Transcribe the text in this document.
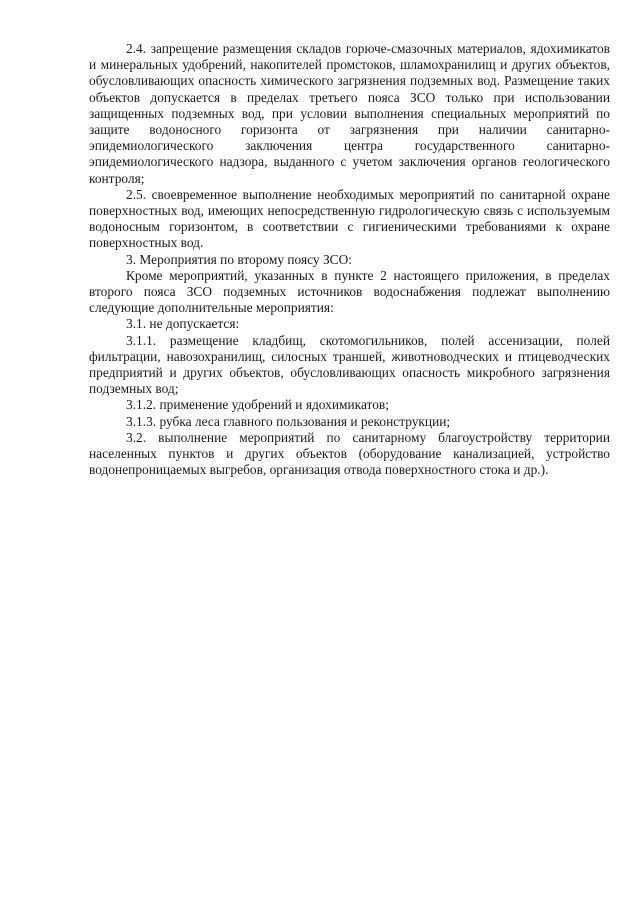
2.4. запрещение размещения складов горюче-смазочных материалов, ядохимикатов и минеральных удобрений, накопителей промстоков, шламохранилищ и других объектов, обусловливающих опасность химического загрязнения подземных вод. Размещение таких объектов допускается в пределах третьего пояса ЗСО только при использовании защищенных подземных вод, при условии выполнения специальных мероприятий по защите водоносного горизонта от загрязнения при наличии санитарно-эпидемиологического заключения центра государственного санитарно-эпидемиологического надзора, выданного с учетом заключения органов геологического контроля;

2.5. своевременное выполнение необходимых мероприятий по санитарной охране поверхностных вод, имеющих непосредственную гидрологическую связь с используемым водоносным горизонтом, в соответствии с гигиеническими требованиями к охране поверхностных вод.

3. Мероприятия по второму поясу ЗСО:

Кроме мероприятий, указанных в пункте 2 настоящего приложения, в пределах второго пояса ЗСО подземных источников водоснабжения подлежат выполнению следующие дополнительные мероприятия:

3.1. не допускается:

3.1.1. размещение кладбищ, скотомогильников, полей ассенизации, полей фильтрации, навозохранилищ, силосных траншей, животноводческих и птицеводческих предприятий и других объектов, обусловливающих опасность микробного загрязнения подземных вод;

3.1.2. применение удобрений и ядохимикатов;

3.1.3. рубка леса главного пользования и реконструкции;

3.2. выполнение мероприятий по санитарному благоустройству территории населенных пунктов и других объектов (оборудование канализацией, устройство водонепроницаемых выгребов, организация отвода поверхностного стока и др.).
